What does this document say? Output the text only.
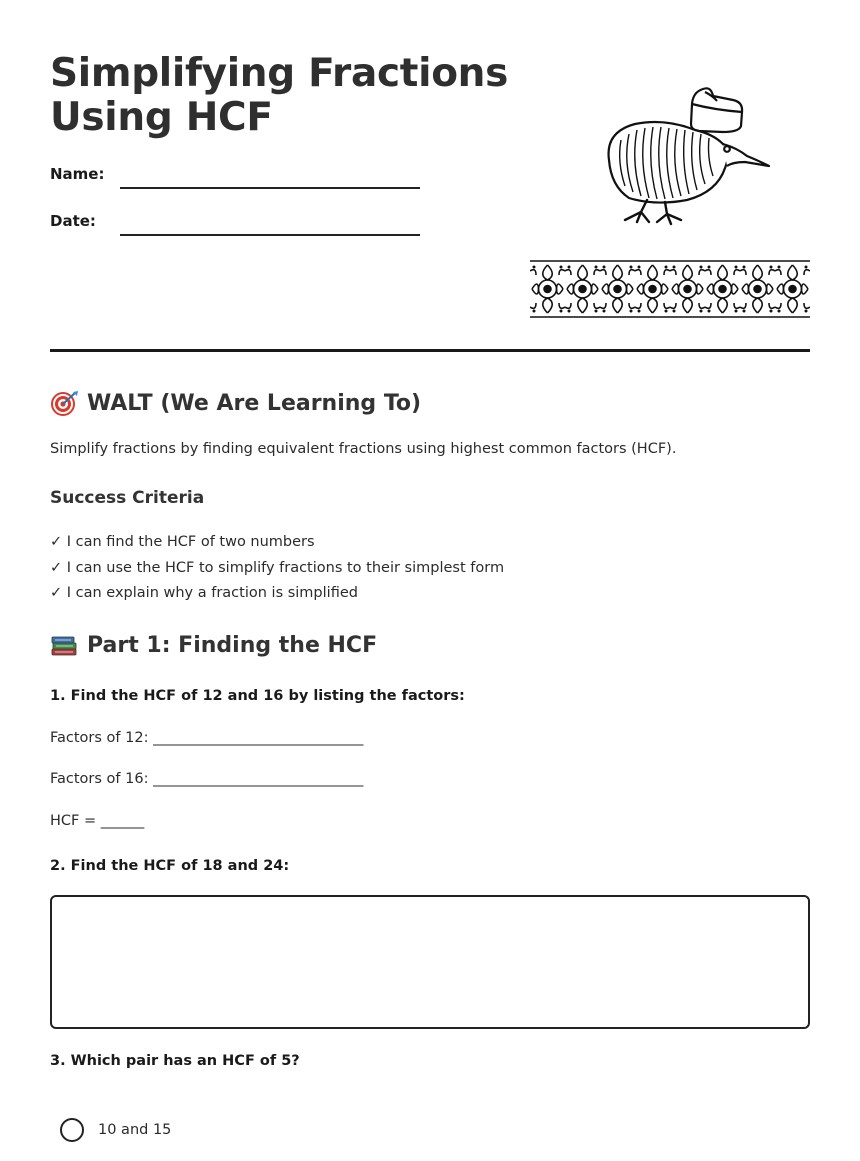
Simplifying Fractions
Using HCF
Name:
Date:
WALT (We Are Learning To)

Simplify fractions by finding equivalent fractions using highest common factors (HCF).

Success Criteria
✓ I can find the HCF of two numbers
✓ I can use the HCF to simplify fractions to their simplest form
✓ I can explain why a fraction is simplified
Part 1: Finding the HCF

1. Find the HCF of 12 and 16 by listing the factors:

Factors of 12: _____________________________

Factors of 16: _____________________________

HCF = ______

2. Find the HCF of 18 and 24:

3. Which pair has an HCF of 5?

10 and 15
